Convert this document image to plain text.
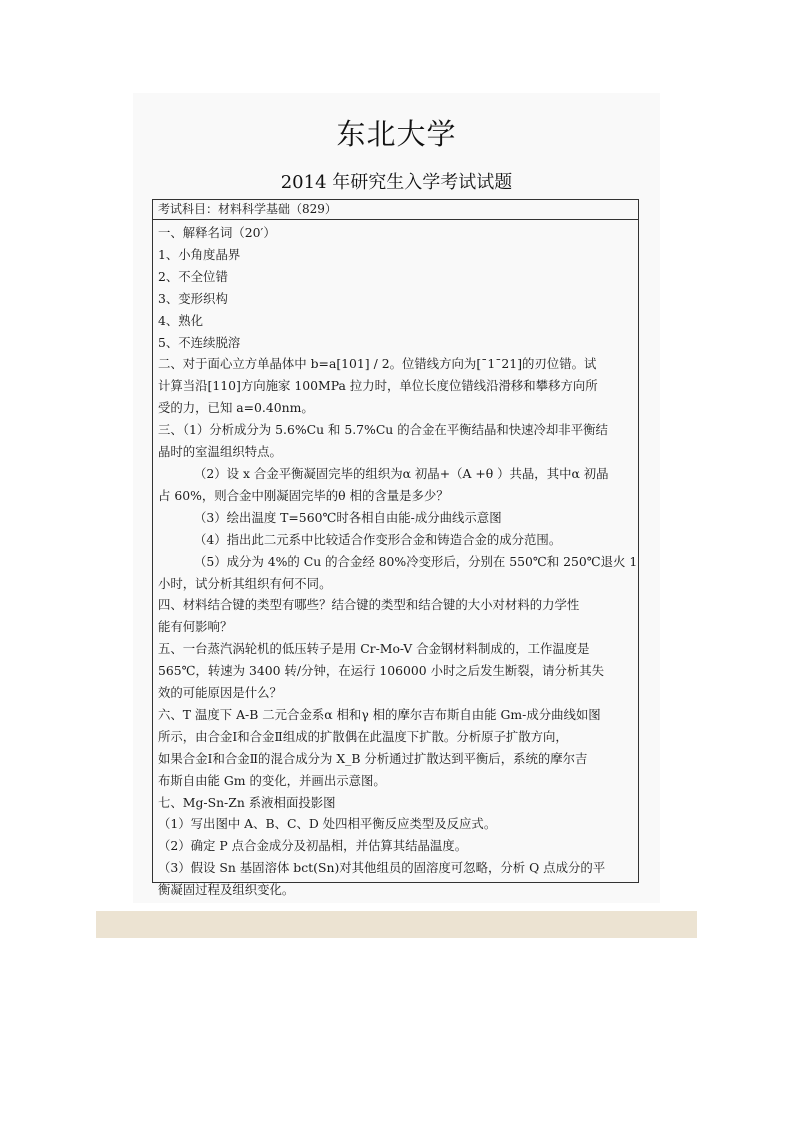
东北大学
2014 年研究生入学考试试题
考试科目：材料科学基础（829）
一、解释名词（20′）
1、小角度晶界
2、不全位错
3、变形织构
4、熟化
5、不连续脱溶
二、对于面心立方单晶体中 b=a[101] / 2。位错线方向为[¯1¯21]的刃位错。试
计算当沿[110]方向施家 100MPa 拉力时，单位长度位错线沿滑移和攀移方向所
受的力，已知 a=0.40nm。
三、（1）分析成分为 5.6%Cu 和 5.7%Cu 的合金在平衡结晶和快速冷却非平衡结
晶时的室温组织特点。
（2）设 x 合金平衡凝固完毕的组织为α 初晶+（Α +θ ）共晶，其中α 初晶
占 60%，则合金中刚凝固完毕的θ 相的含量是多少？
（3）绘出温度 T=560℃时各相自由能-成分曲线示意图
（4）指出此二元系中比较适合作变形合金和铸造合金的成分范围。
（5）成分为 4%的 Cu 的合金经 80%冷变形后，分别在 550℃和 250℃退火 1
小时，试分析其组织有何不同。
四、材料结合键的类型有哪些？结合键的类型和结合键的大小对材料的力学性
能有何影响？
五、一台蒸汽涡轮机的低压转子是用 Cr-Mo-V 合金钢材料制成的，工作温度是
565℃，转速为 3400 转/分钟，在运行 106000 小时之后发生断裂，请分析其失
效的可能原因是什么？
六、T 温度下 A-B 二元合金系α 相和γ 相的摩尔吉布斯自由能 Gm-成分曲线如图
所示，由合金Ⅰ和合金Ⅱ组成的扩散偶在此温度下扩散。分析原子扩散方向，
如果合金Ⅰ和合金Ⅱ的混合成分为 X_B 分析通过扩散达到平衡后，系统的摩尔吉
布斯自由能 Gm 的变化，并画出示意图。
七、Mg-Sn-Zn 系液相面投影图
（1）写出图中 A、B、C、D 处四相平衡反应类型及反应式。
（2）确定 P 点合金成分及初晶相，并估算其结晶温度。
（3）假设 Sn 基固溶体 bct(Sn)对其他组员的固溶度可忽略，分析 Q 点成分的平
衡凝固过程及组织变化。
